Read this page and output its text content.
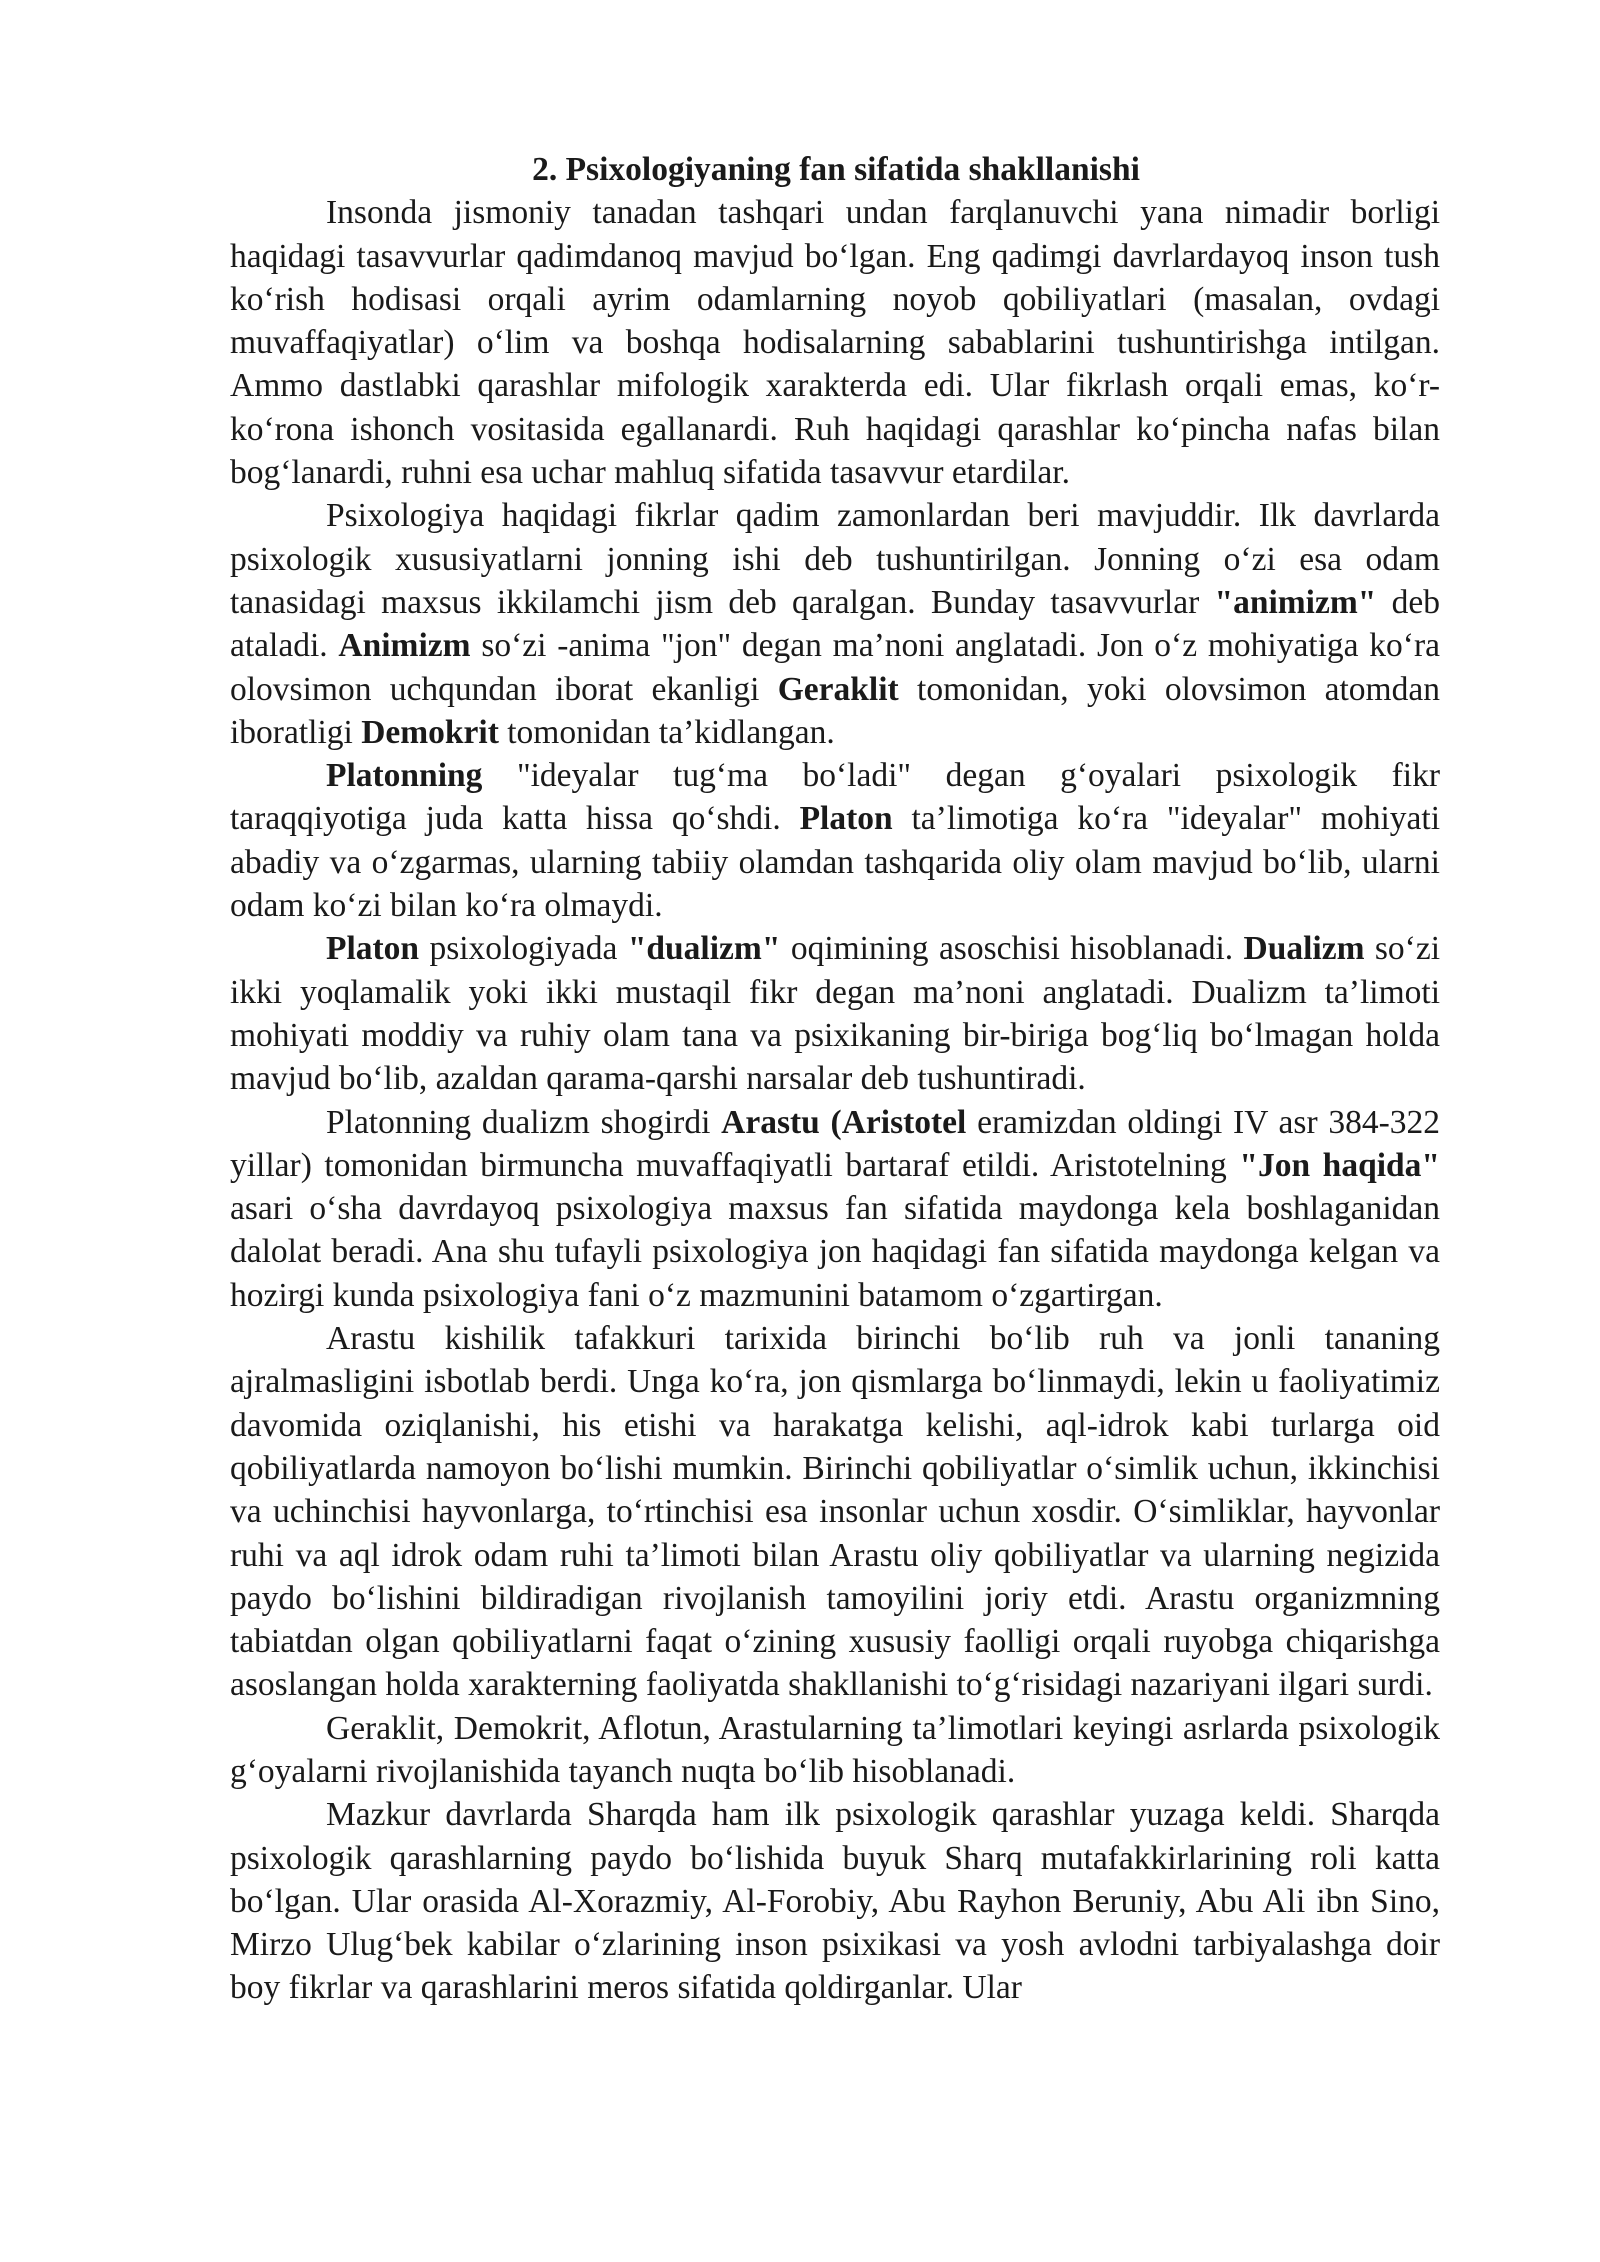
2. Psixologiyaning fan sifatida shakllanishi

Insonda jismoniy tanadan tashqari undan farqlanuvchi yana nimadir borligi haqidagi tasavvurlar qadimdanoq mavjud bo‘lgan. Eng qadimgi davrlardayoq inson tush ko‘rish hodisasi orqali ayrim odamlarning noyob qobiliyatlari (masalan, ovdagi muvaffaqiyatlar) o‘lim va boshqa hodisalarning sabablarini tushuntirishga intilgan. Ammo dastlabki qarashlar mifologik xarakterda edi. Ular fikrlash orqali emas, ko‘r-ko‘rona ishonch vositasida egallanardi. Ruh haqidagi qarashlar ko‘pincha nafas bilan bog‘lanardi, ruhni esa uchar mahluq sifatida tasavvur etardilar.

Psixologiya haqidagi fikrlar qadim zamonlardan beri mavjuddir. Ilk davrlarda psixologik xususiyatlarni jonning ishi deb tushuntirilgan. Jonning o‘zi esa odam tanasidagi maxsus ikkilamchi jism deb qaralgan. Bunday tasavvurlar "animizm" deb ataladi. Animizm so‘zi -anima "jon" degan ma’noni anglatadi. Jon o‘z mohiyatiga ko‘ra olovsimon uchqundan iborat ekanligi Geraklit tomonidan, yoki olovsimon atomdan iboratligi Demokrit tomonidan ta’kidlangan.

Platonning "ideyalar tug‘ma bo‘ladi" degan g‘oyalari psixologik fikr taraqqiyotiga juda katta hissa qo‘shdi. Platon ta’limotiga ko‘ra "ideyalar" mohiyati abadiy va o‘zgarmas, ularning tabiiy olamdan tashqarida oliy olam mavjud bo‘lib, ularni odam ko‘zi bilan ko‘ra olmaydi.

Platon psixologiyada "dualizm" oqimining asoschisi hisoblanadi. Dualizm so‘zi ikki yoqlamalik yoki ikki mustaqil fikr degan ma’noni anglatadi. Dualizm ta’limoti mohiyati moddiy va ruhiy olam tana va psixikaning bir-biriga bog‘liq bo‘lmagan holda mavjud bo‘lib, azaldan qarama-qarshi narsalar deb tushuntiradi.

Platonning dualizm shogirdi Arastu (Aristotel eramizdan oldingi IV asr 384-322 yillar) tomonidan birmuncha muvaffaqiyatli bartaraf etildi. Aristotelning "Jon haqida" asari o‘sha davrdayoq psixologiya maxsus fan sifatida maydonga kela boshlaganidan dalolat beradi. Ana shu tufayli psixologiya jon haqidagi fan sifatida maydonga kelgan va hozirgi kunda psixologiya fani o‘z mazmunini batamom o‘zgartirgan.

Arastu kishilik tafakkuri tarixida birinchi bo‘lib ruh va jonli tananing ajralmasligini isbotlab berdi. Unga ko‘ra, jon qismlarga bo‘linmaydi, lekin u faoliyatimiz davomida oziqlanishi, his etishi va harakatga kelishi, aql-idrok kabi turlarga oid qobiliyatlarda namoyon bo‘lishi mumkin. Birinchi qobiliyatlar o‘simlik uchun, ikkinchisi va uchinchisi hayvonlarga, to‘rtinchisi esa insonlar uchun xosdir. O‘simliklar, hayvonlar ruhi va aql idrok odam ruhi ta’limoti bilan Arastu oliy qobiliyatlar va ularning negizida paydo bo‘lishini bildiradigan rivojlanish tamoyilini joriy etdi. Arastu organizmning tabiatdan olgan qobiliyatlarni faqat o‘zining xususiy faolligi orqali ruyobga chiqarishga asoslangan holda xarakterning faoliyatda shakllanishi to‘g‘risidagi nazariyani ilgari surdi.

Geraklit, Demokrit, Aflotun, Arastularning ta’limotlari keyingi asrlarda psixologik g‘oyalarni rivojlanishida tayanch nuqta bo‘lib hisoblanadi.

Mazkur davrlarda Sharqda ham ilk psixologik qarashlar yuzaga keldi. Sharqda psixologik qarashlarning paydo bo‘lishida buyuk Sharq mutafakkirlarining roli katta bo‘lgan. Ular orasida Al-Xorazmiy, Al-Forobiy, Abu Rayhon Beruniy, Abu Ali ibn Sino, Mirzo Ulug‘bek kabilar o‘zlarining inson psixikasi va yosh avlodni tarbiyalashga doir boy fikrlar va qarashlarini meros sifatida qoldirganlar. Ular
